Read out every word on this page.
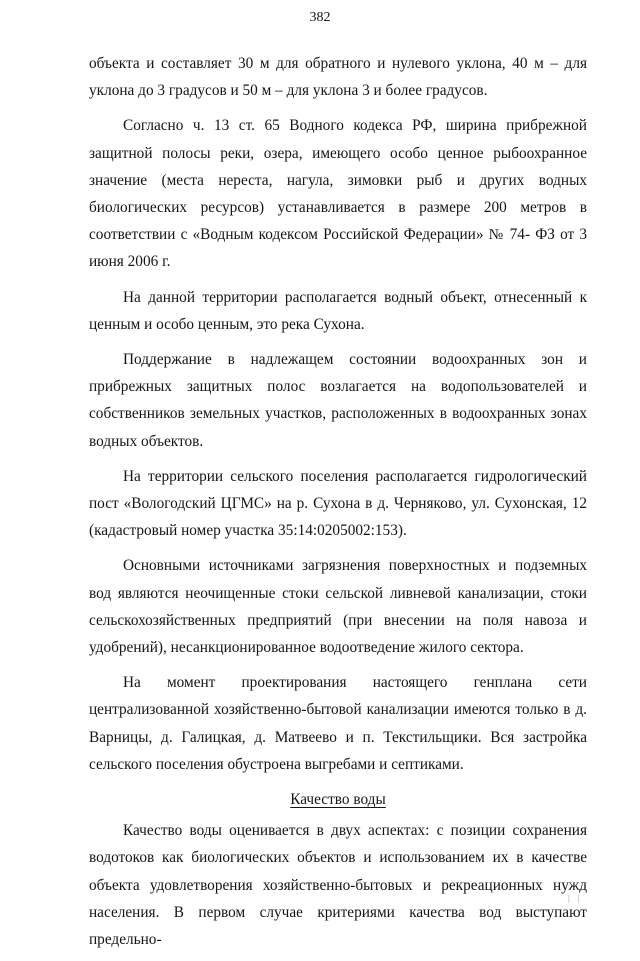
382

объекта и составляет 30 м для обратного и нулевого уклона, 40 м – для уклона до 3 градусов и 50 м – для уклона 3 и более градусов.

Согласно ч. 13 ст. 65 Водного кодекса РФ, ширина прибрежной защитной полосы реки, озера, имеющего особо ценное рыбоохранное значение (места нереста, нагула, зимовки рыб и других водных биологических ресурсов) устанавливается в размере 200 метров в соответствии с «Водным кодексом Российской Федерации» № 74- ФЗ от 3 июня 2006 г.

На данной территории располагается водный объект, отнесенный к ценным и особо ценным, это река Сухона.

Поддержание в надлежащем состоянии водоохранных зон и прибрежных защитных полос возлагается на водопользователей и собственников земельных участков, расположенных в водоохранных зонах водных объектов.

На территории сельского поселения располагается гидрологический пост «Вологодский ЦГМС» на р. Сухона в д. Черняково, ул. Сухонская, 12 (кадастровый номер участка 35:14:0205002:153).

Основными источниками загрязнения поверхностных и подземных вод являются неочищенные стоки сельской ливневой канализации, стоки сельскохозяйственных предприятий (при внесении на поля навоза и удобрений), несанкционированное водоотведение жилого сектора.

На момент проектирования настоящего генплана сети централизованной хозяйственно-бытовой канализации имеются только в д. Варницы, д. Галицкая, д. Матвеево и п. Текстильщики. Вся застройка сельского поселения обустроена выгребами и септиками.

Качество воды

Качество воды оценивается в двух аспектах: с позиции сохранения водотоков как биологических объектов и использованием их в качестве объекта удовлетворения хозяйственно-бытовых и рекреационных нужд населения. В первом случае критериями качества вод выступают предельно-

||
